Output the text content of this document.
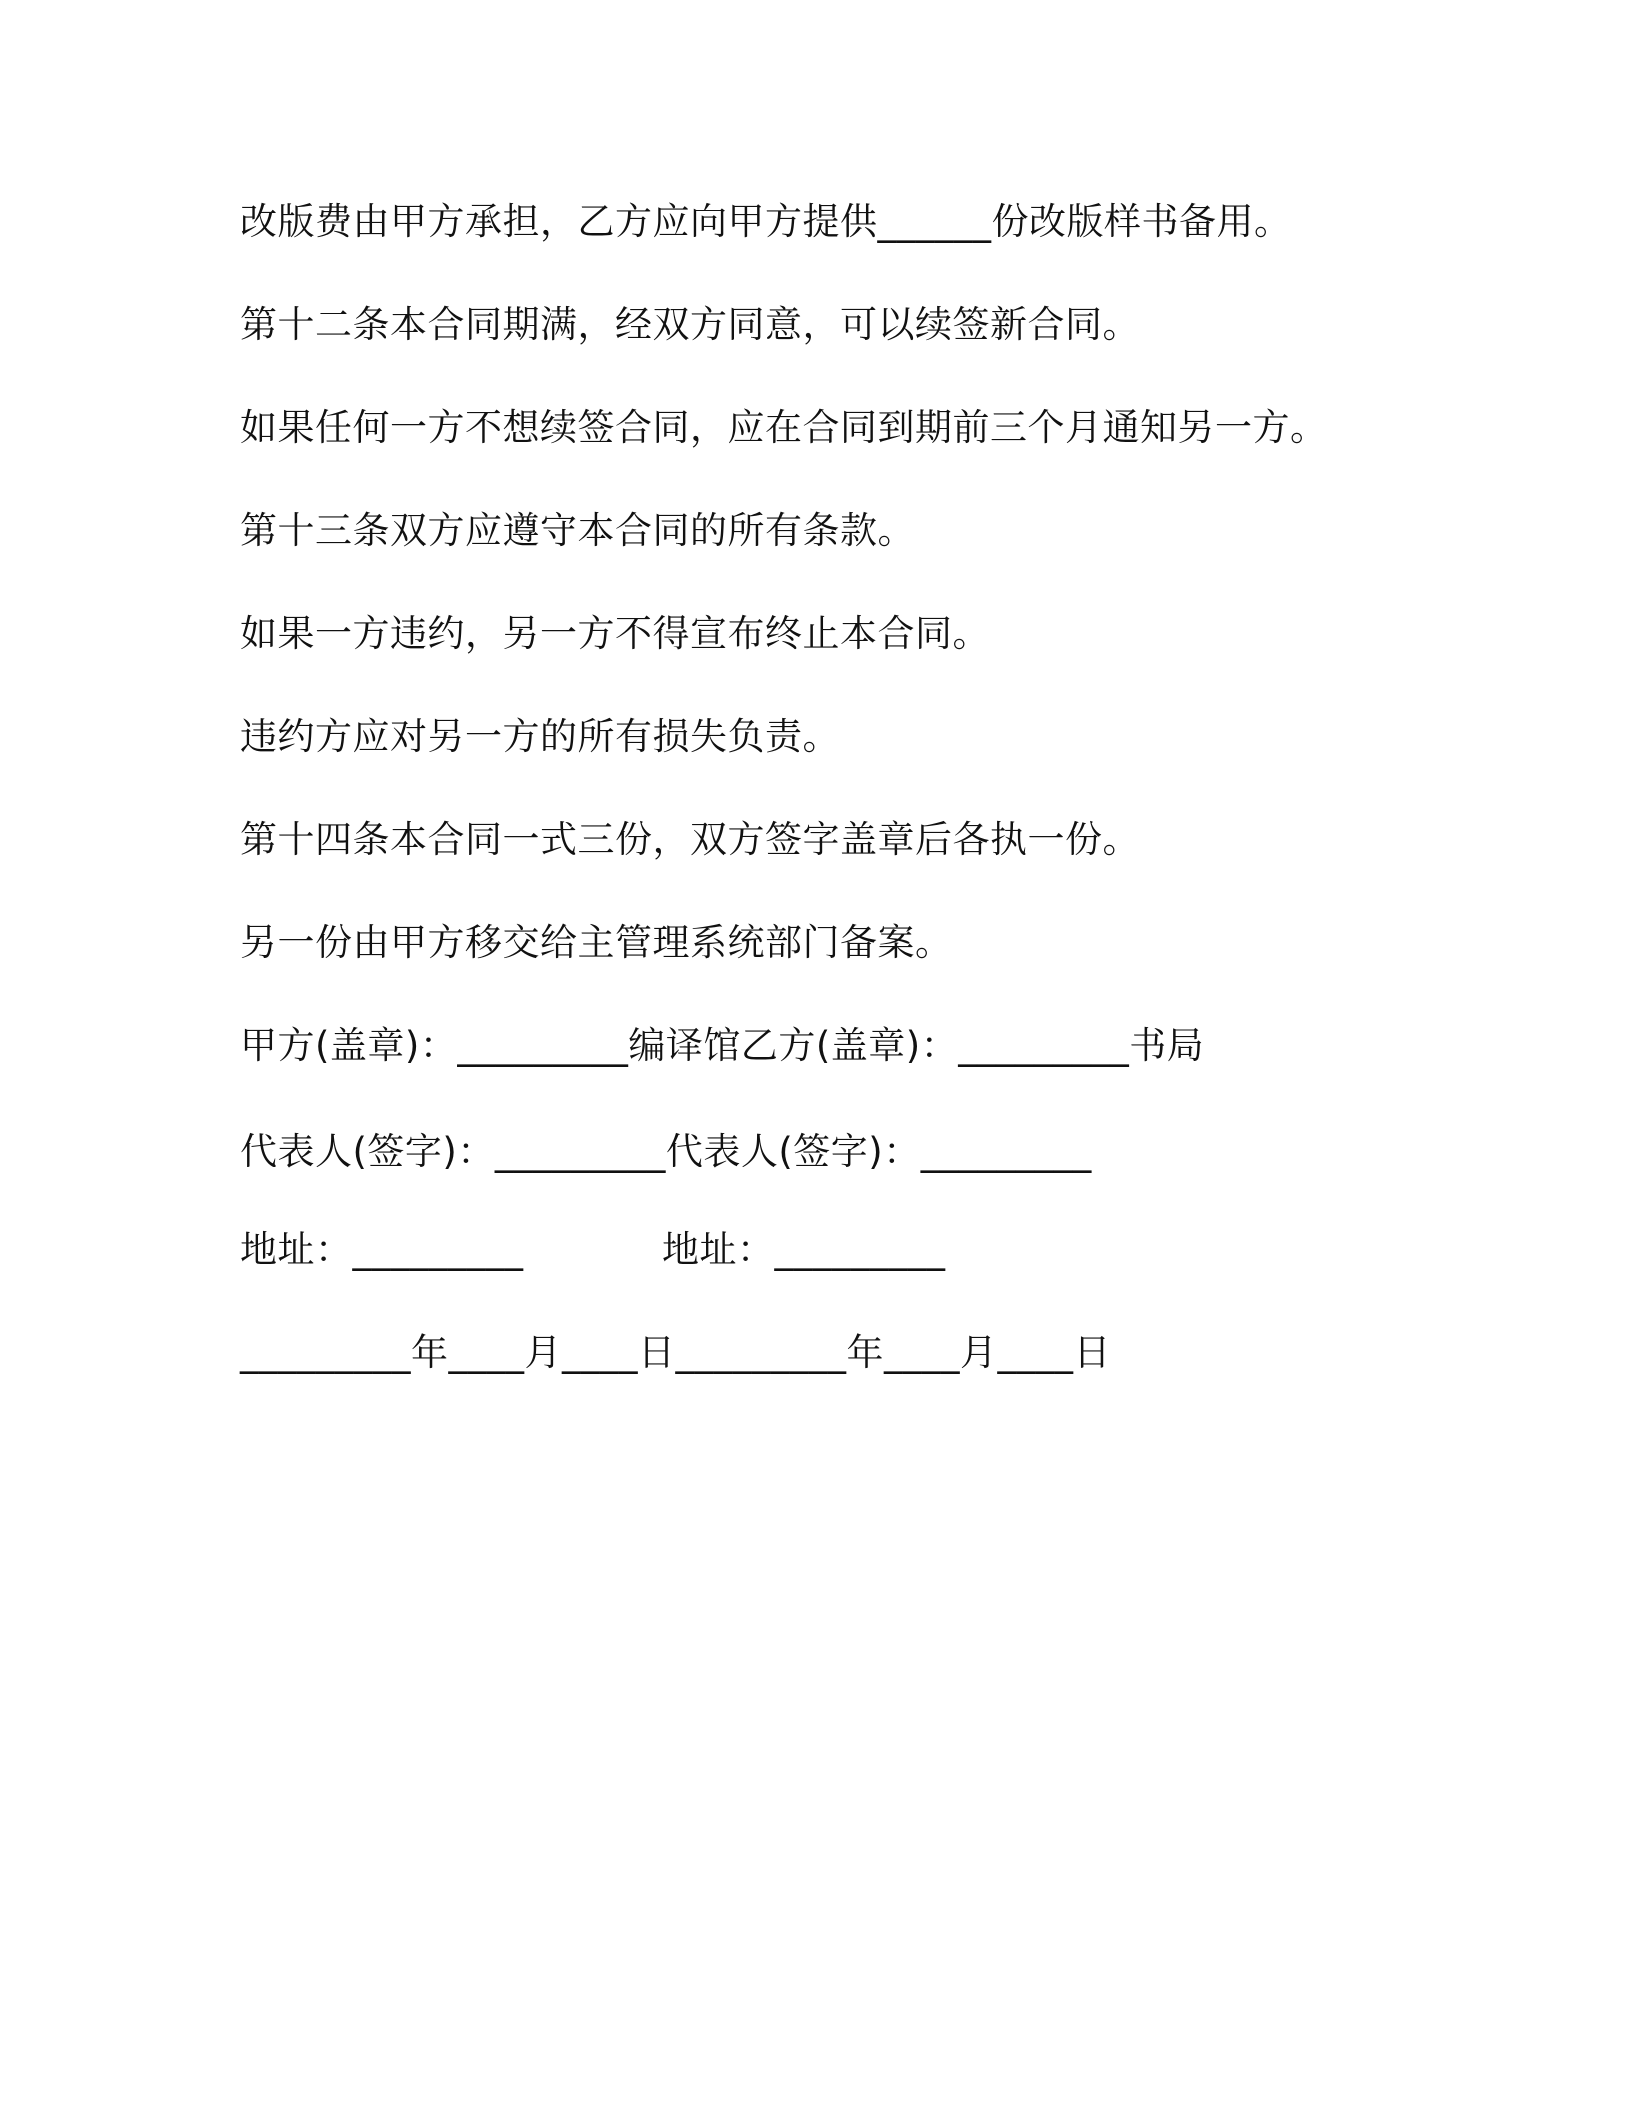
改版费由甲方承担，乙方应向甲方提供______份改版样书备用。
第十二条本合同期满，经双方同意，可以续签新合同。
如果任何一方不想续签合同，应在合同到期前三个月通知另一方。
第十三条双方应遵守本合同的所有条款。
如果一方违约，另一方不得宣布终止本合同。
违约方应对另一方的所有损失负责。
第十四条本合同一式三份，双方签字盖章后各执一份。
另一份由甲方移交给主管理系统部门备案。
甲方(盖章)：_________编译馆乙方(盖章)：_________书局
代表人(签字)：_________代表人(签字)：_________
地址：_________	地址：_________
_________年____月____日_________年____月____日
